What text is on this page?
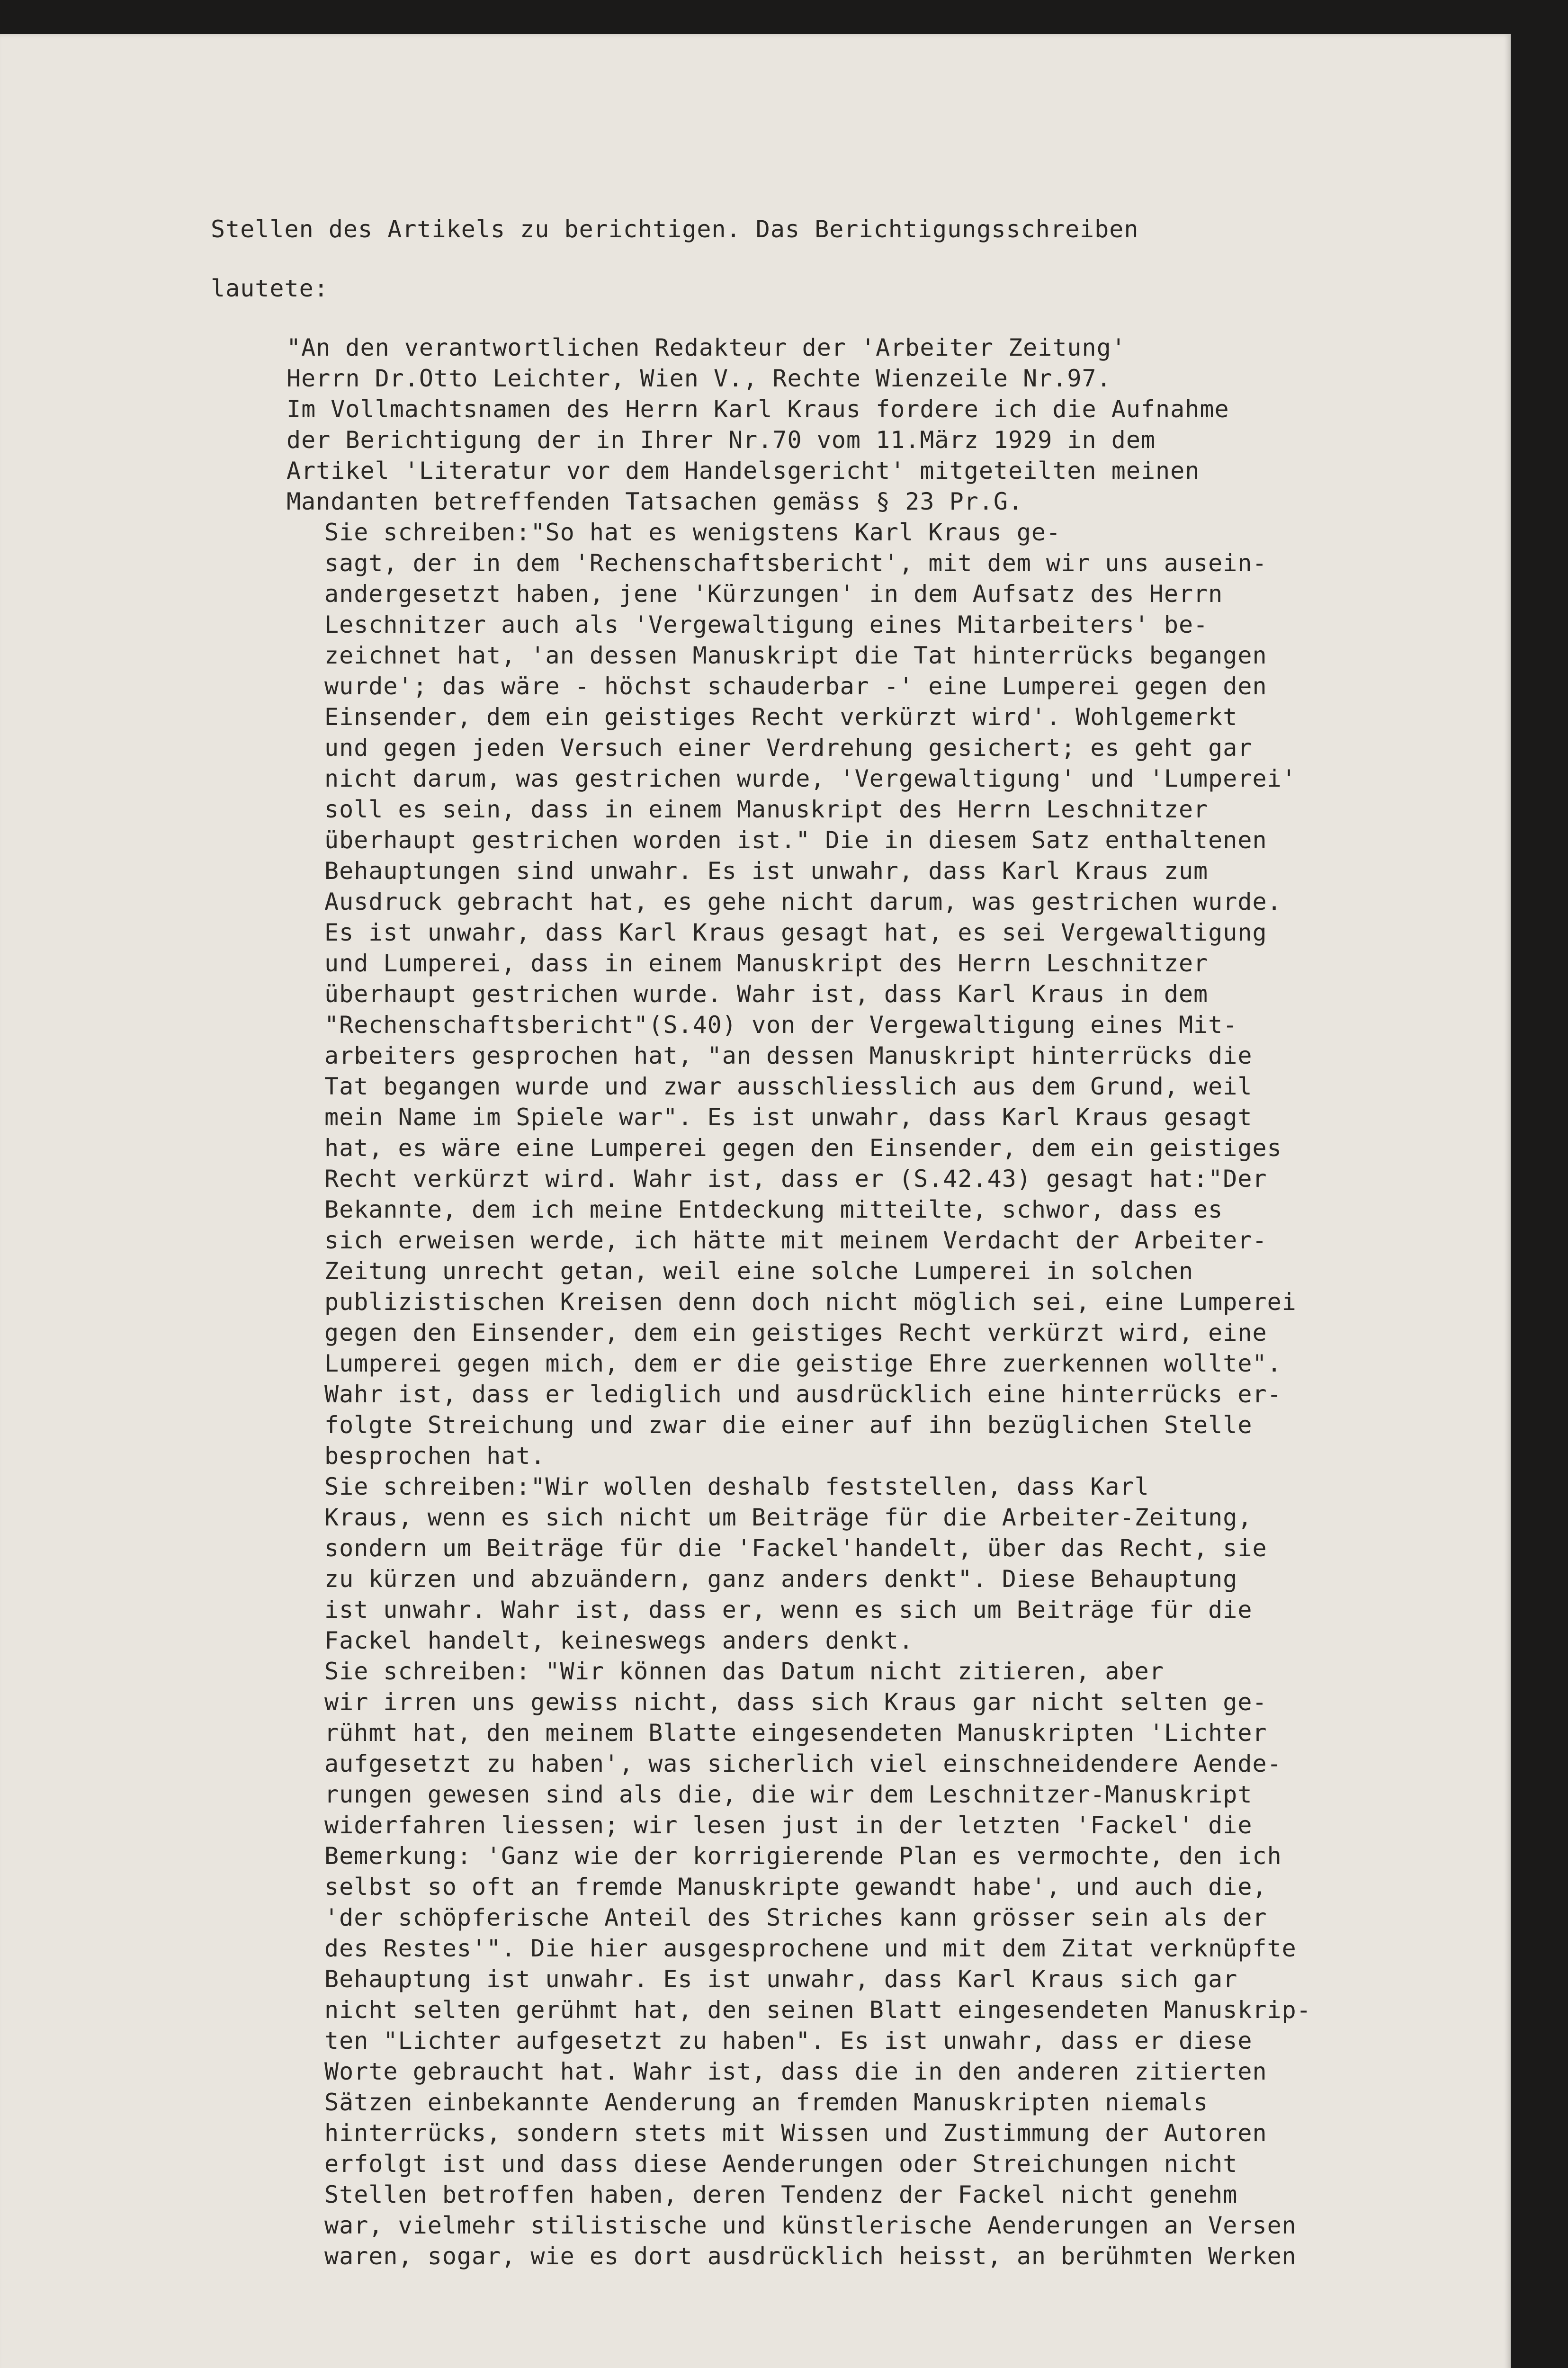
Stellen des Artikels zu berichtigen. Das Berichtigungsschreiben

lautete:

"An den verantwortlichen Redakteur der 'Arbeiter Zeitung'
Herrn Dr.Otto Leichter, Wien V., Rechte Wienzeile Nr.97.
Im Vollmachtsnamen des Herrn Karl Kraus fordere ich die Aufnahme
der Berichtigung der in Ihrer Nr.70 vom 11.März 1929 in dem
Artikel 'Literatur vor dem Handelsgericht' mitgeteilten meinen
Mandanten betreffenden Tatsachen gemäss § 23 Pr.G.

Sie schreiben:"So hat es wenigstens Karl Kraus ge-
sagt, der in dem 'Rechenschaftsbericht', mit dem wir uns ausein-
andergesetzt haben, jene 'Kürzungen' in dem Aufsatz des Herrn
Leschnitzer auch als 'Vergewaltigung eines Mitarbeiters' be-
zeichnet hat, 'an dessen Manuskript die Tat hinterrücks begangen
wurde'; das wäre - höchst schauderbar -' eine Lumperei gegen den
Einsender, dem ein geistiges Recht verkürzt wird'. Wohlgemerkt
und gegen jeden Versuch einer Verdrehung gesichert; es geht gar
nicht darum, was gestrichen wurde, 'Vergewaltigung' und 'Lumperei'
soll es sein, dass in einem Manuskript des Herrn Leschnitzer
überhaupt gestrichen worden ist." Die in diesem Satz enthaltenen
Behauptungen sind unwahr. Es ist unwahr, dass Karl Kraus zum
Ausdruck gebracht hat, es gehe nicht darum, was gestrichen wurde.
Es ist unwahr, dass Karl Kraus gesagt hat, es sei Vergewaltigung
und Lumperei, dass in einem Manuskript des Herrn Leschnitzer
überhaupt gestrichen wurde. Wahr ist, dass Karl Kraus in dem
"Rechenschaftsbericht"(S.40) von der Vergewaltigung eines Mit-
arbeiters gesprochen hat, "an dessen Manuskript hinterrücks die
Tat begangen wurde und zwar ausschliesslich aus dem Grund, weil
mein Name im Spiele war". Es ist unwahr, dass Karl Kraus gesagt
hat, es wäre eine Lumperei gegen den Einsender, dem ein geistiges
Recht verkürzt wird. Wahr ist, dass er (S.42.43) gesagt hat:"Der
Bekannte, dem ich meine Entdeckung mitteilte, schwor, dass es
sich erweisen werde, ich hätte mit meinem Verdacht der Arbeiter-
Zeitung unrecht getan, weil eine solche Lumperei in solchen
publizistischen Kreisen denn doch nicht möglich sei, eine Lumperei
gegen den Einsender, dem ein geistiges Recht verkürzt wird, eine
Lumperei gegen mich, dem er die geistige Ehre zuerkennen wollte".
Wahr ist, dass er lediglich und ausdrücklich eine hinterrücks er-
folgte Streichung und zwar die einer auf ihn bezüglichen Stelle
besprochen hat.

Sie schreiben:"Wir wollen deshalb feststellen, dass Karl
Kraus, wenn es sich nicht um Beiträge für die Arbeiter-Zeitung,
sondern um Beiträge für die 'Fackel'handelt, über das Recht, sie
zu kürzen und abzuändern, ganz anders denkt". Diese Behauptung
ist unwahr. Wahr ist, dass er, wenn es sich um Beiträge für die
Fackel handelt, keineswegs anders denkt.

Sie schreiben: "Wir können das Datum nicht zitieren, aber
wir irren uns gewiss nicht, dass sich Kraus gar nicht selten ge-
rühmt hat, den meinem Blatte eingesendeten Manuskripten 'Lichter
aufgesetzt zu haben', was sicherlich viel einschneidendere Aende-
rungen gewesen sind als die, die wir dem Leschnitzer-Manuskript
widerfahren liessen; wir lesen just in der letzten 'Fackel' die
Bemerkung: 'Ganz wie der korrigierende Plan es vermochte, den ich
selbst so oft an fremde Manuskripte gewandt habe', und auch die,
'der schöpferische Anteil des Striches kann grösser sein als der
des Restes'". Die hier ausgesprochene und mit dem Zitat verknüpfte
Behauptung ist unwahr. Es ist unwahr, dass Karl Kraus sich gar
nicht selten gerühmt hat, den seinen Blatt eingesendeten Manuskrip-
ten "Lichter aufgesetzt zu haben". Es ist unwahr, dass er diese
Worte gebraucht hat. Wahr ist, dass die in den anderen zitierten
Sätzen einbekannte Aenderung an fremden Manuskripten niemals
hinterrücks, sondern stets mit Wissen und Zustimmung der Autoren
erfolgt ist und dass diese Aenderungen oder Streichungen nicht
Stellen betroffen haben, deren Tendenz der Fackel nicht genehm
war, vielmehr stilistische und künstlerische Aenderungen an Versen
waren, sogar, wie es dort ausdrücklich heisst, an berühmten Werken
